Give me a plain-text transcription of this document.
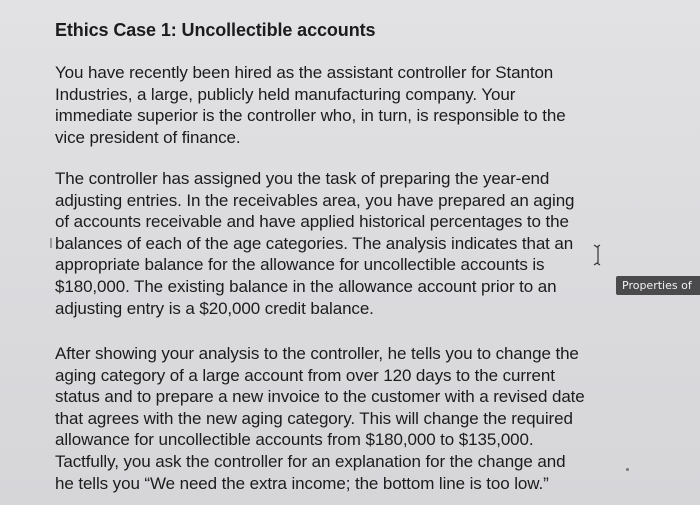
Ethics Case 1: Uncollectible accounts

You have recently been hired as the assistant controller for Stanton
Industries, a large, publicly held manufacturing company. Your
immediate superior is the controller who, in turn, is responsible to the
vice president of finance.

The controller has assigned you the task of preparing the year-end
adjusting entries. In the receivables area, you have prepared an aging
of accounts receivable and have applied historical percentages to the
balances of each of the age categories. The analysis indicates that an
appropriate balance for the allowance for uncollectible accounts is
$180,000. The existing balance in the allowance account prior to an
adjusting entry is a $20,000 credit balance.

After showing your analysis to the controller, he tells you to change the
aging category of a large account from over 120 days to the current
status and to prepare a new invoice to the customer with a revised date
that agrees with the new aging category. This will change the required
allowance for uncollectible accounts from $180,000 to $135,000.
Tactfully, you ask the controller for an explanation for the change and
he tells you “We need the extra income; the bottom line is too low.”

Properties of
